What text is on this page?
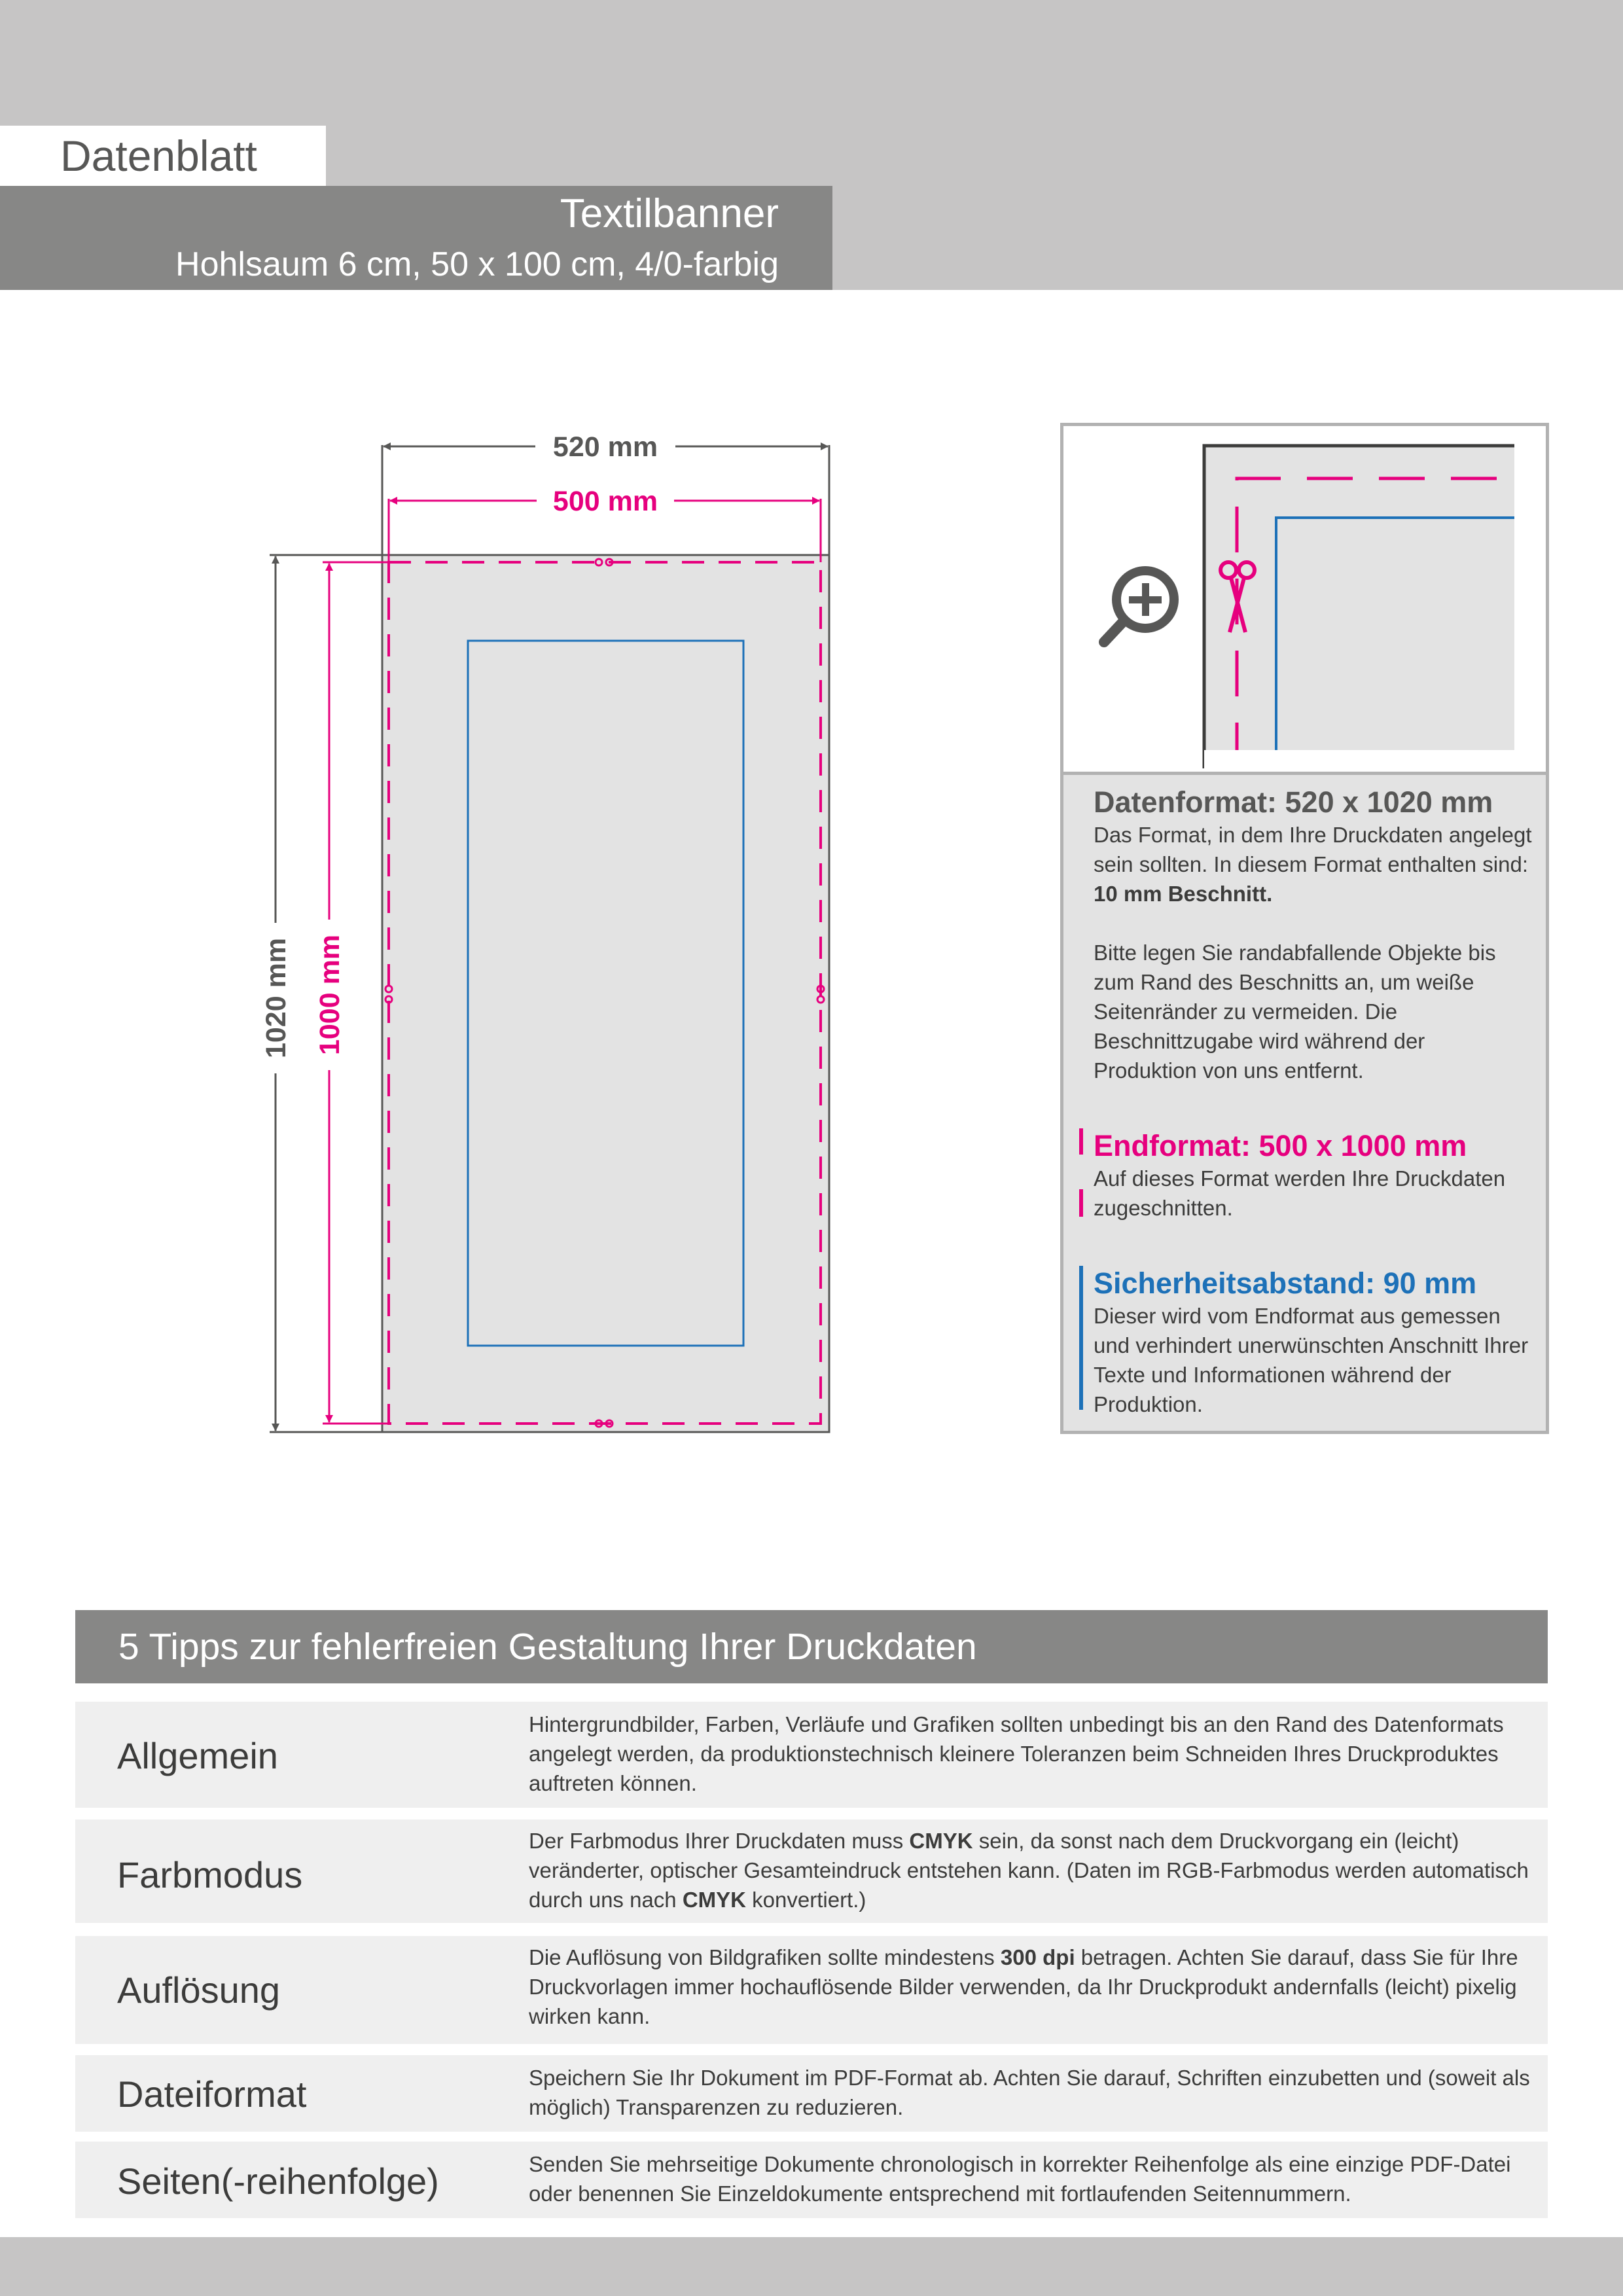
Datenblatt
Textilbanner
Hohlsaum 6 cm, 50 x 100 cm, 4/0-farbig
520 mm
500 mm
1020 mm 1000 mm
Datenformat: 520 x 1020 mm
Das Format, in dem Ihre Druckdaten angelegt sein sollten. In diesem Format enthalten sind: 10 mm Beschnitt.
Bitte legen Sie randabfallende Objekte bis zum Rand des Beschnitts an, um weiße Seitenränder zu vermeiden. Die Beschnittzugabe wird während der Produktion von uns entfernt.
Endformat: 500 x 1000 mm
Auf dieses Format werden Ihre Druckdaten zugeschnitten.
Sicherheitsabstand: 90 mm
Dieser wird vom Endformat aus gemessen und verhindert unerwünschten Anschnitt Ihrer Texte und Informationen während der Produktion.
5 Tipps zur fehlerfreien Gestaltung Ihrer Druckdaten
Allgemein
Hintergrundbilder, Farben, Verläufe und Grafiken sollten unbedingt bis an den Rand des Datenformats angelegt werden, da produktionstechnisch kleinere Toleranzen beim Schneiden Ihres Druckproduktes auftreten können.
Farbmodus
Der Farbmodus Ihrer Druckdaten muss CMYK sein, da sonst nach dem Druckvorgang ein (leicht) veränderter, optischer Gesamteindruck entstehen kann. (Daten im RGB-Farbmodus werden automatisch durch uns nach CMYK konvertiert.)
Auflösung
Die Auflösung von Bildgrafiken sollte mindestens 300 dpi betragen. Achten Sie darauf, dass Sie für Ihre Druckvorlagen immer hochauflösende Bilder verwenden, da Ihr Druckprodukt andernfalls (leicht) pixelig wirken kann.
Dateiformat	Speichern Sie Ihr Dokument im PDF-Format ab. Achten Sie darauf, Schriften einzubetten und (soweit als möglich) Transparenzen zu reduzieren.
Seiten(-reihenfolge)	Senden Sie mehrseitige Dokumente chronologisch in korrekter Reihenfolge als eine einzige PDF-Datei oder benennen Sie Einzeldokumente entsprechend mit fortlaufenden Seitennummern.
